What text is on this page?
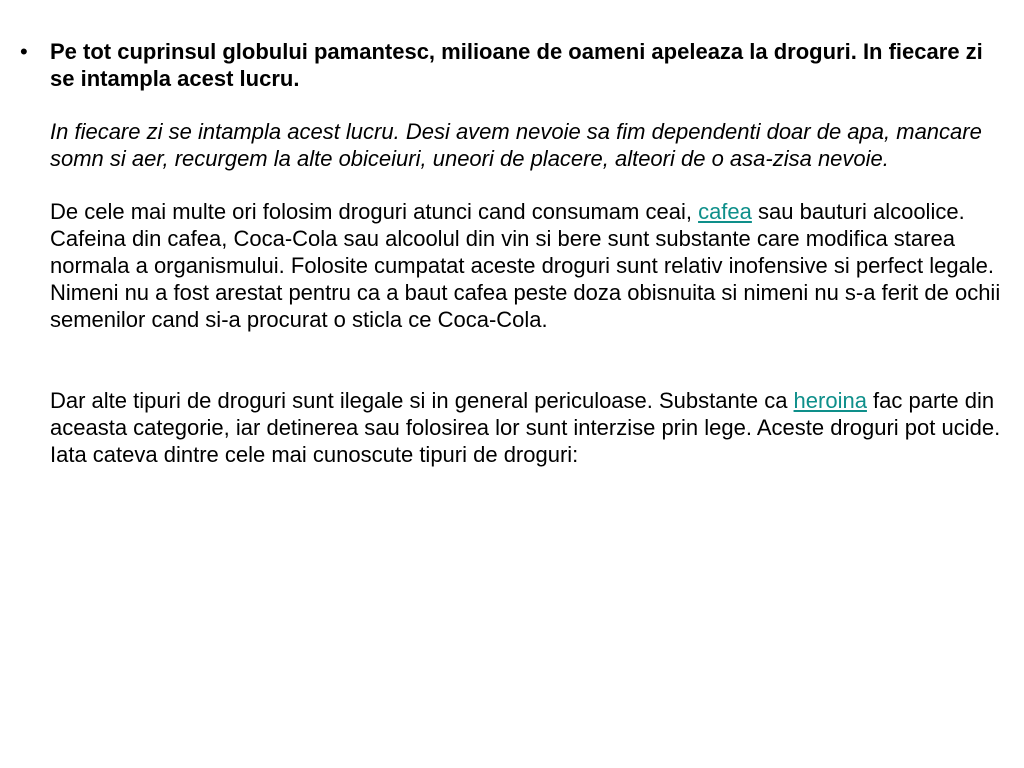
•	Pe tot cuprinsul globului pamantesc, milioane de oameni apeleaza la droguri. In fiecare zi se intampla acest lucru.

In fiecare zi se intampla acest lucru. Desi avem nevoie sa fim dependenti doar de apa, mancare somn si aer, recurgem la alte obiceiuri, uneori de placere, alteori de o asa-zisa nevoie.

De cele mai multe ori folosim droguri atunci cand consumam ceai, cafea sau bauturi alcoolice. Cafeina din cafea, Coca-Cola sau alcoolul din vin si bere sunt substante care modifica starea normala a organismului. Folosite cumpatat aceste droguri sunt relativ inofensive si perfect legale. Nimeni nu a fost arestat pentru ca a baut cafea peste doza obisnuita si nimeni nu s-a ferit de ochii semenilor cand si-a procurat o sticla ce Coca-Cola.

Dar alte tipuri de droguri sunt ilegale si in general periculoase. Substante ca heroina fac parte din aceasta categorie, iar detinerea sau folosirea lor sunt interzise prin lege. Aceste droguri pot ucide. Iata cateva dintre cele mai cunoscute tipuri de droguri:
